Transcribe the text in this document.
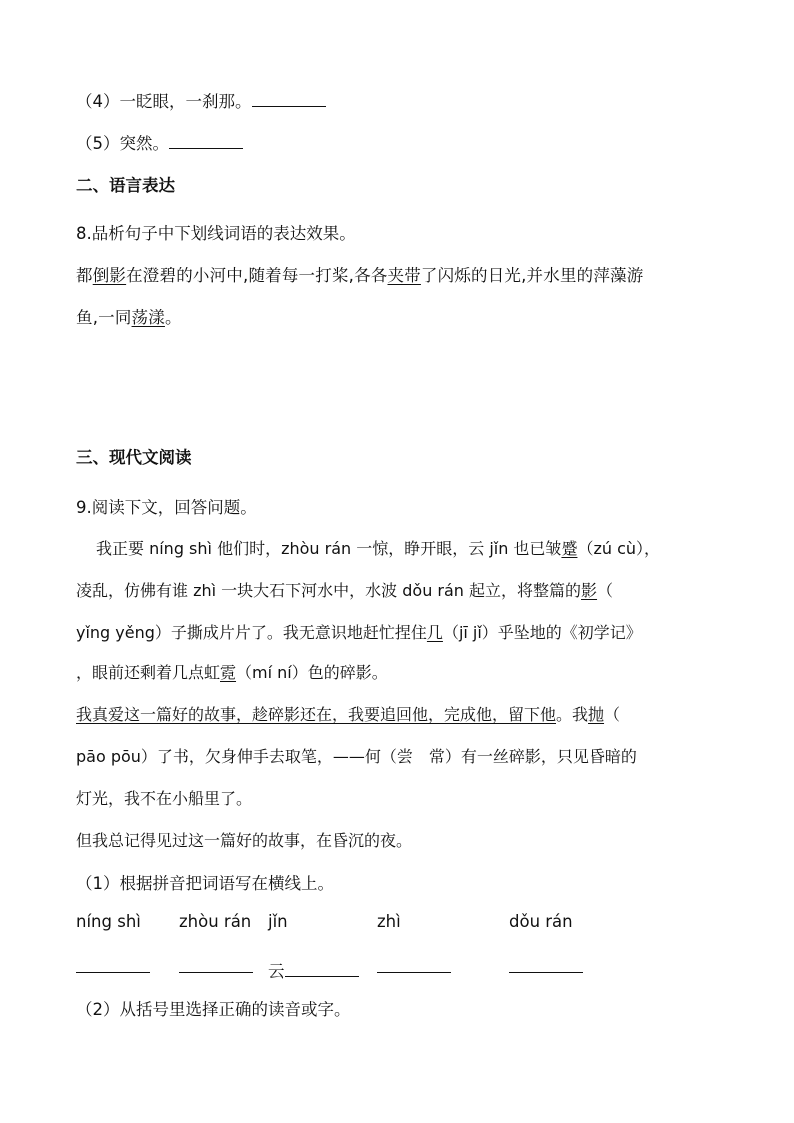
（4）一眨眼，一刹那。
（5）突然。
二、语言表达
8.品析句子中下划线词语的表达效果。
都倒影在澄碧的小河中,随着每一打桨,各各夹带了闪烁的日光,并水里的萍藻游
鱼,一同荡漾。
三、现代文阅读
9.阅读下文，回答问题。
我正要 níng shì 他们时，zhòu rán 一惊，睁开眼，云 jǐn 也已皱蹙（zú cù），
凌乱，仿佛有谁 zhì 一块大石下河水中，水波 dǒu rán 起立，将整篇的影（
yǐng yěng）子撕成片片了。我无意识地赶忙捏住几（jī jǐ）乎坠地的《初学记》
，眼前还剩着几点虹霓（mí ní）色的碎影。
我真爱这一篇好的故事，趁碎影还在，我要追回他，完成他，留下他。我抛（
pāo pōu）了书，欠身伸手去取笔，——何（尝　常）有一丝碎影，只见昏暗的
灯光，我不在小船里了。
但我总记得见过这一篇好的故事，在昏沉的夜。
（1）根据拼音把词语写在横线上。
níng shì zhòu rán jǐn	zhì	dǒu rán
云
（2）从括号里选择正确的读音或字。
